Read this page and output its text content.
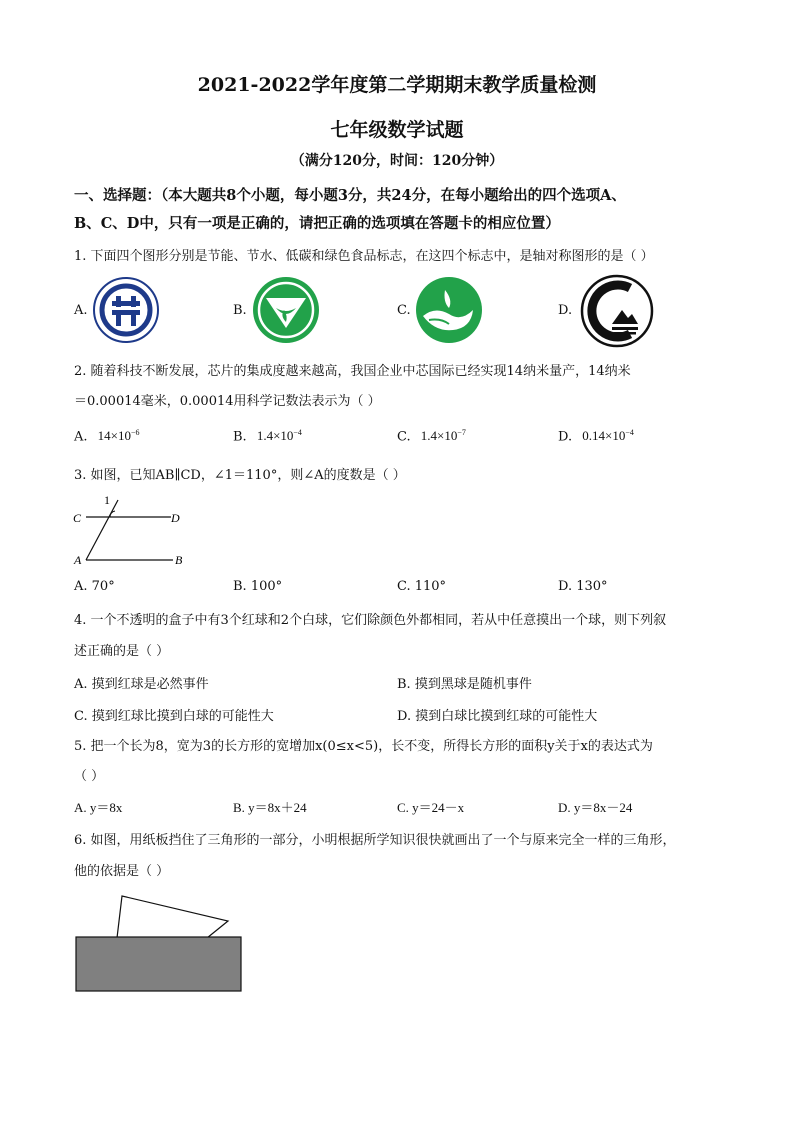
2021-2022学年度第二学期期末教学质量检测
七年级数学试题
（满分120分，时间：120分钟）
一、选择题：（本大题共8个小题，每小题3分，共24分，在每小题给出的四个选项A、
B、C、D中，只有一项是正确的，请把正确的选项填在答题卡的相应位置）
1. 下面四个图形分别是节能、节水、低碳和绿色食品标志，在这四个标志中，是轴对称图形的是（ ）
A.	B.	C.	D.
2. 随着科技不断发展，芯片的集成度越来越高，我国企业中芯国际已经实现14纳米量产，14纳米
＝0.00014毫米，0.00014用科学记数法表示为（ ）
A. $14\times 10^{-6}$	B. $1.4\times 10^{-4}$	C. $1.4\times 10^{-7}$	D. $0.14\times 10^{-4}$
3. 如图，已知AB∥CD，∠1＝110°，则∠A的度数是（ ）
1
C	D
A	B
A. 70°	B. 100°	C. 110°	D. 130°
4. 一个不透明的盒子中有3个红球和2个白球，它们除颜色外都相同，若从中任意摸出一个球，则下列叙
述正确的是（ ）
A. 摸到红球是必然事件	B. 摸到黑球是随机事件
C. 摸到红球比摸到白球的可能性大	D. 摸到白球比摸到红球的可能性大
5. 把一个长为8，宽为3的长方形的宽增加x(0≤x<5)，长不变，所得长方形的面积y关于x的表达式为
（ ）
A. y＝8x	B. y＝8x＋24	C. y＝24－x	D. y＝8x－24
6. 如图，用纸板挡住了三角形的一部分，小明根据所学知识很快就画出了一个与原来完全一样的三角形，
他的依据是（ ）
